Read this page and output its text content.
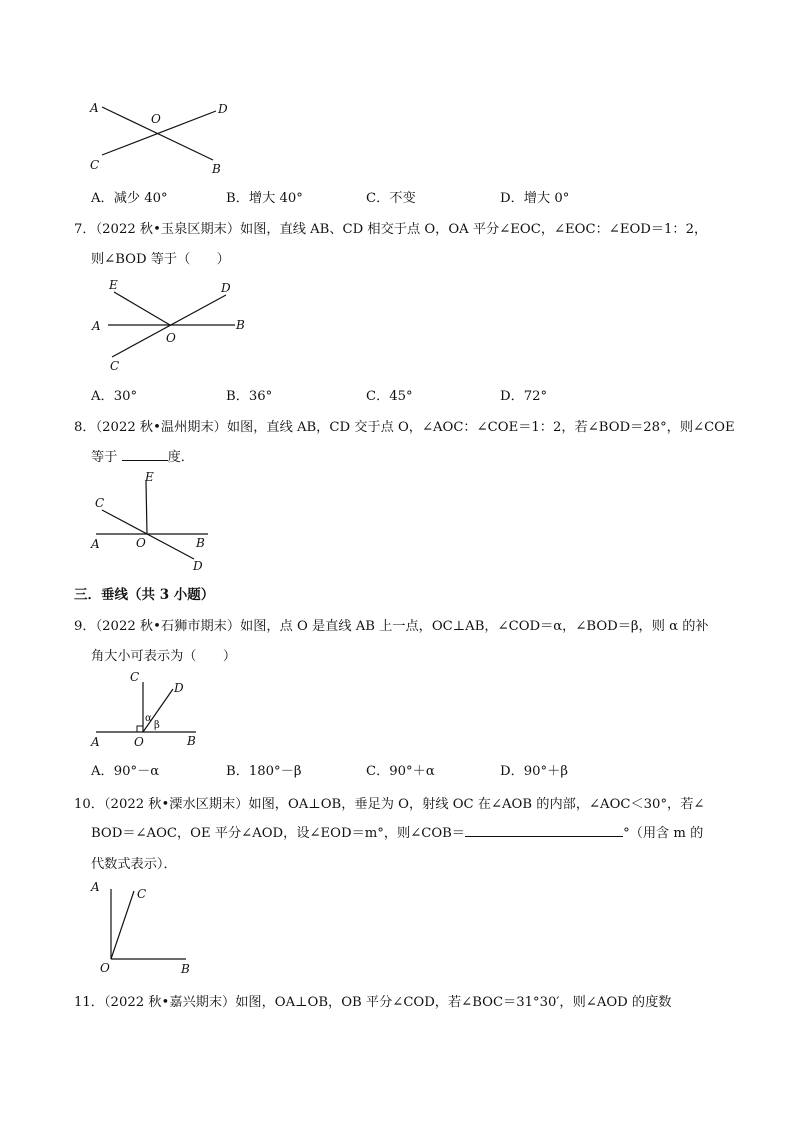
A	D
O
C	B
A．减少 40°	B．增大 40°	C．不变	D．增大 0°
7．（2022 秋•玉泉区期末）如图，直线 AB、CD 相交于点 O，OA 平分∠EOC，∠EOC：∠EOD＝1：2，
则∠BOD 等于（　　）
E	D
A	B
O
C
A．30°	B．36°	C．45°	D．72°
8．（2022 秋•温州期末）如图，直线 AB，CD 交于点 O，∠AOC：∠COE＝1：2，若∠BOD＝28°，则∠COE
等于	度．
E
C
A	O	B
D
三．垂线（共 3 小题）
9．（2022 秋•石狮市期末）如图，点 O 是直线 AB 上一点，OC⊥AB，∠COD＝α，∠BOD＝β，则 α 的补
角大小可表示为（　　）
C
D
α
β
A	O	B
A．90°－α	B．180°－β	C．90°＋α	D．90°＋β
10．（2022 秋•溧水区期末）如图，OA⊥OB，垂足为 O，射线 OC 在∠AOB 的内部，∠AOC＜30°，若∠
BOD＝∠AOC，OE 平分∠AOD，设∠EOD＝m°，则∠COB＝	°（用含 m 的
代数式表示）．
A	C
O	B
11．（2022 秋•嘉兴期末）如图，OA⊥OB，OB 平分∠COD，若∠BOC＝31°30′，则∠AOD 的度数
